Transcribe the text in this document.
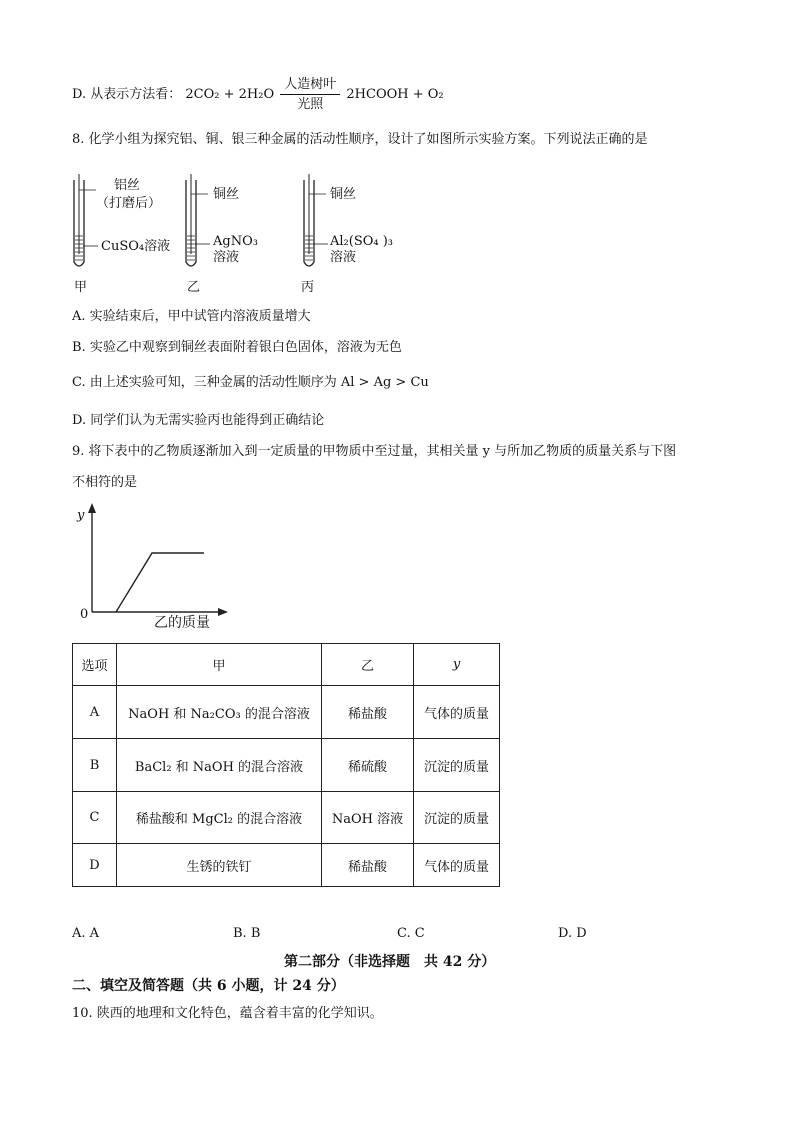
D. 从表示方法看： $2CO_2 + 2H_2O \frac{\text{人造树叶}}{\text{光照}}$ 2HCOOH + O₂
8. 化学小组为探究铝、铜、银三种金属的活动性顺序，设计了如图所示实验方案。下列说法正确的是
铝丝
（打磨后）
CuSO₄溶液
甲
铜丝
AgNO₃
溶液
乙
铜丝
Al₂(SO₄ )₃
溶液
丙
A. 实验结束后，甲中试管内溶液质量增大
B. 实验乙中观察到铜丝表面附着银白色固体，溶液为无色
C. 由上述实验可知，三种金属的活动性顺序为 Al > Ag > Cu
D. 同学们认为无需实验丙也能得到正确结论
9. 将下表中的乙物质逐渐加入到一定质量的甲物质中至过量，其相关量 y 与所加乙物质的质量关系与下图
不相符的是
y
0
乙的质量
选项	甲	乙	y
A	NaOH 和 Na₂CO₃ 的混合溶液	稀盐酸	气体的质量
B	BaCl₂ 和 NaOH 的混合溶液	稀硫酸	沉淀的质量
C	稀盐酸和 MgCl₂ 的混合溶液	NaOH 溶液	沉淀的质量
D	生锈的铁钉	稀盐酸	气体的质量
A. A	B. B	C. C	D. D
第二部分（非选择题　共 42 分）
二、填空及简答题（共 6 小题，计 24 分）
10. 陕西的地理和文化特色，蕴含着丰富的化学知识。
